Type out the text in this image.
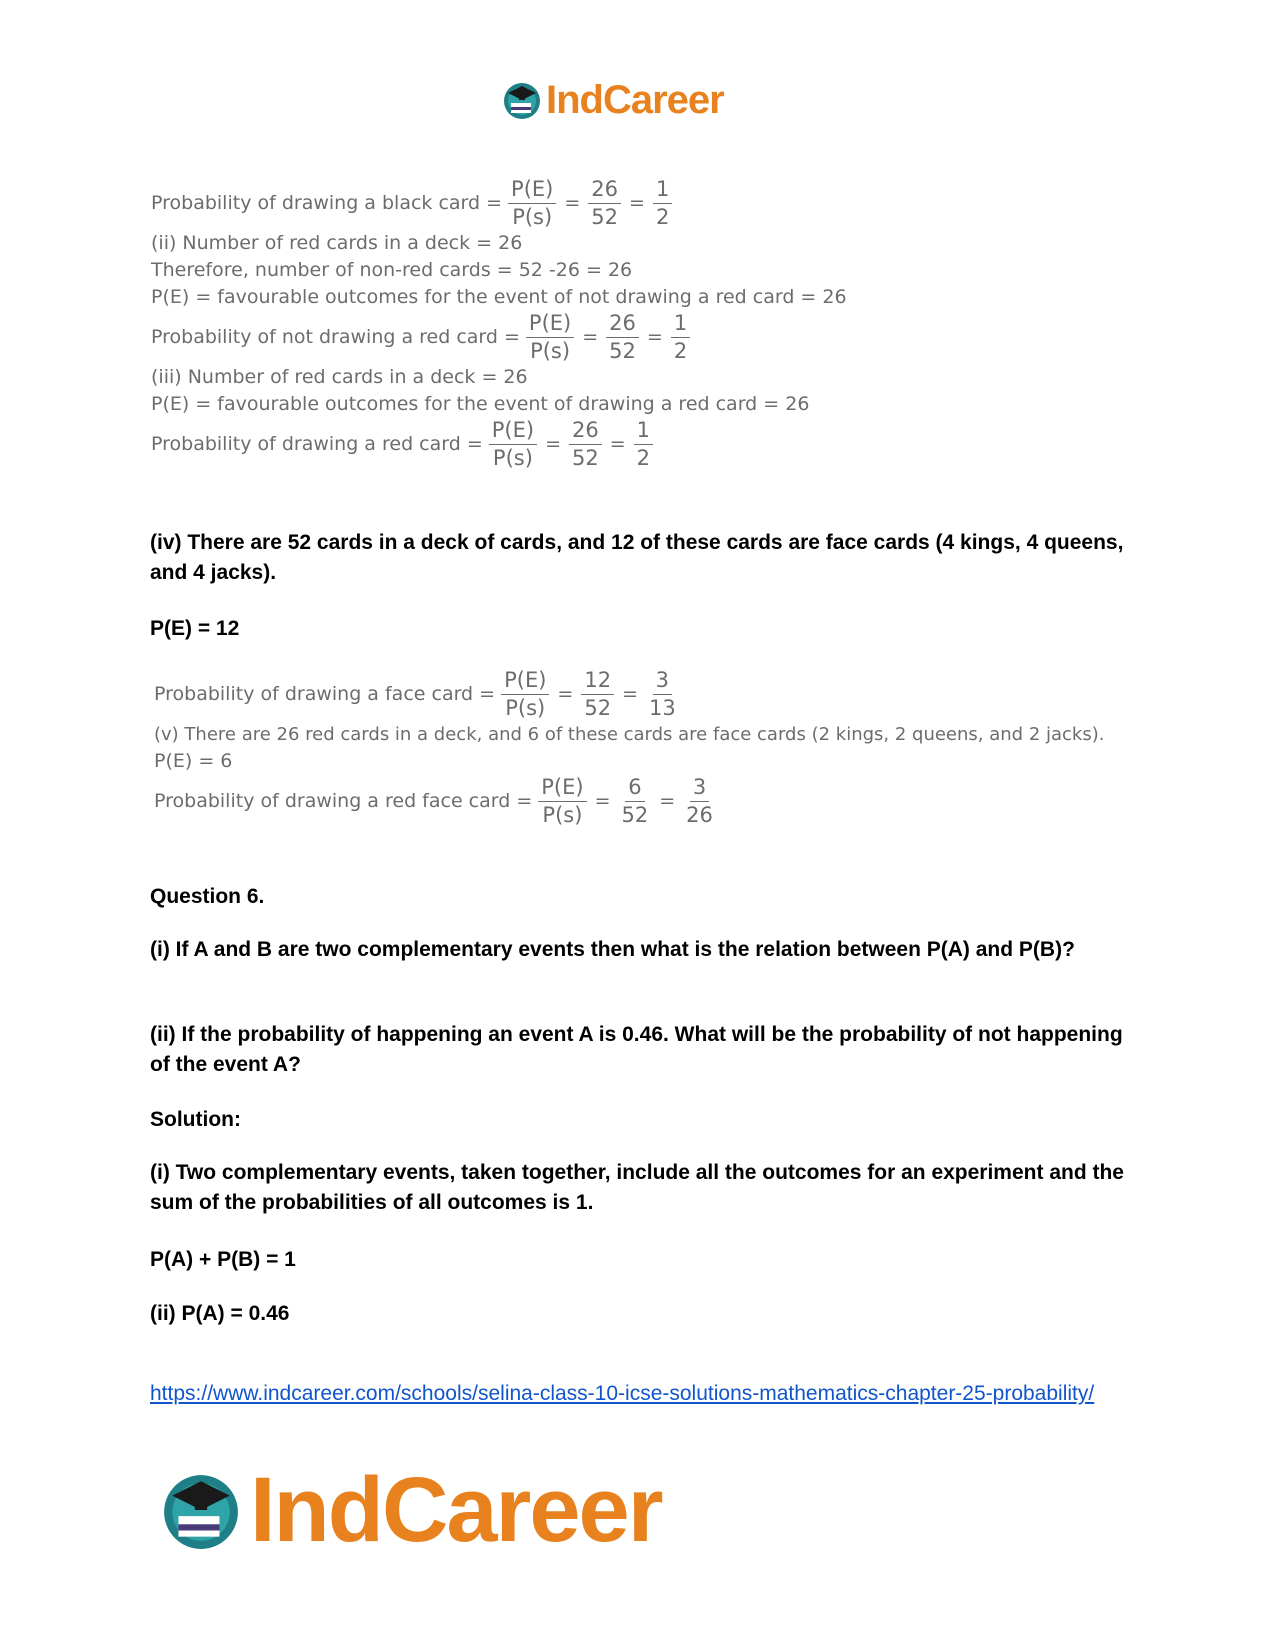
IndCareer
Probability of drawing a black card = $\frac{P(E)}{P(s)} = \frac{26}{52} = \frac{1}{2}$
(ii) Number of red cards in a deck = 26
Therefore, number of non-red cards = 52 -26 = 26
P(E) = favourable outcomes for the event of not drawing a red card = 26
Probability of not drawing a red card = $\frac{P(E)}{P(s)} = \frac{26}{52} = \frac{1}{2}$
(iii) Number of red cards in a deck = 26
P(E) = favourable outcomes for the event of drawing a red card = 26
Probability of drawing a red card = $\frac{P(E)}{P(s)} = \frac{26}{52} = \frac{1}{2}$
(iv) There are 52 cards in a deck of cards, and 12 of these cards are face cards (4 kings, 4 queens, and 4 jacks).
P(E) = 12
Probability of drawing a face card = $\frac{P(E)}{P(s)} = \frac{12}{52} = \frac{3}{13}$
(v) There are 26 red cards in a deck, and 6 of these cards are face cards (2 kings, 2 queens, and 2 jacks).
P(E) = 6
Probability of drawing a red face card = $\frac{P(E)}{P(s)} = \frac{6}{52} = \frac{3}{26}$
Question 6.
(i) If A and B are two complementary events then what is the relation between P(A) and P(B)?
(ii) If the probability of happening an event A is 0.46. What will be the probability of not happening of the event A?
Solution:
(i) Two complementary events, taken together, include all the outcomes for an experiment and the sum of the probabilities of all outcomes is 1.
P(A) + P(B) = 1
(ii) P(A) = 0.46
https://www.indcareer.com/schools/selina-class-10-icse-solutions-mathematics-chapter-25-probability/
IndCareer
